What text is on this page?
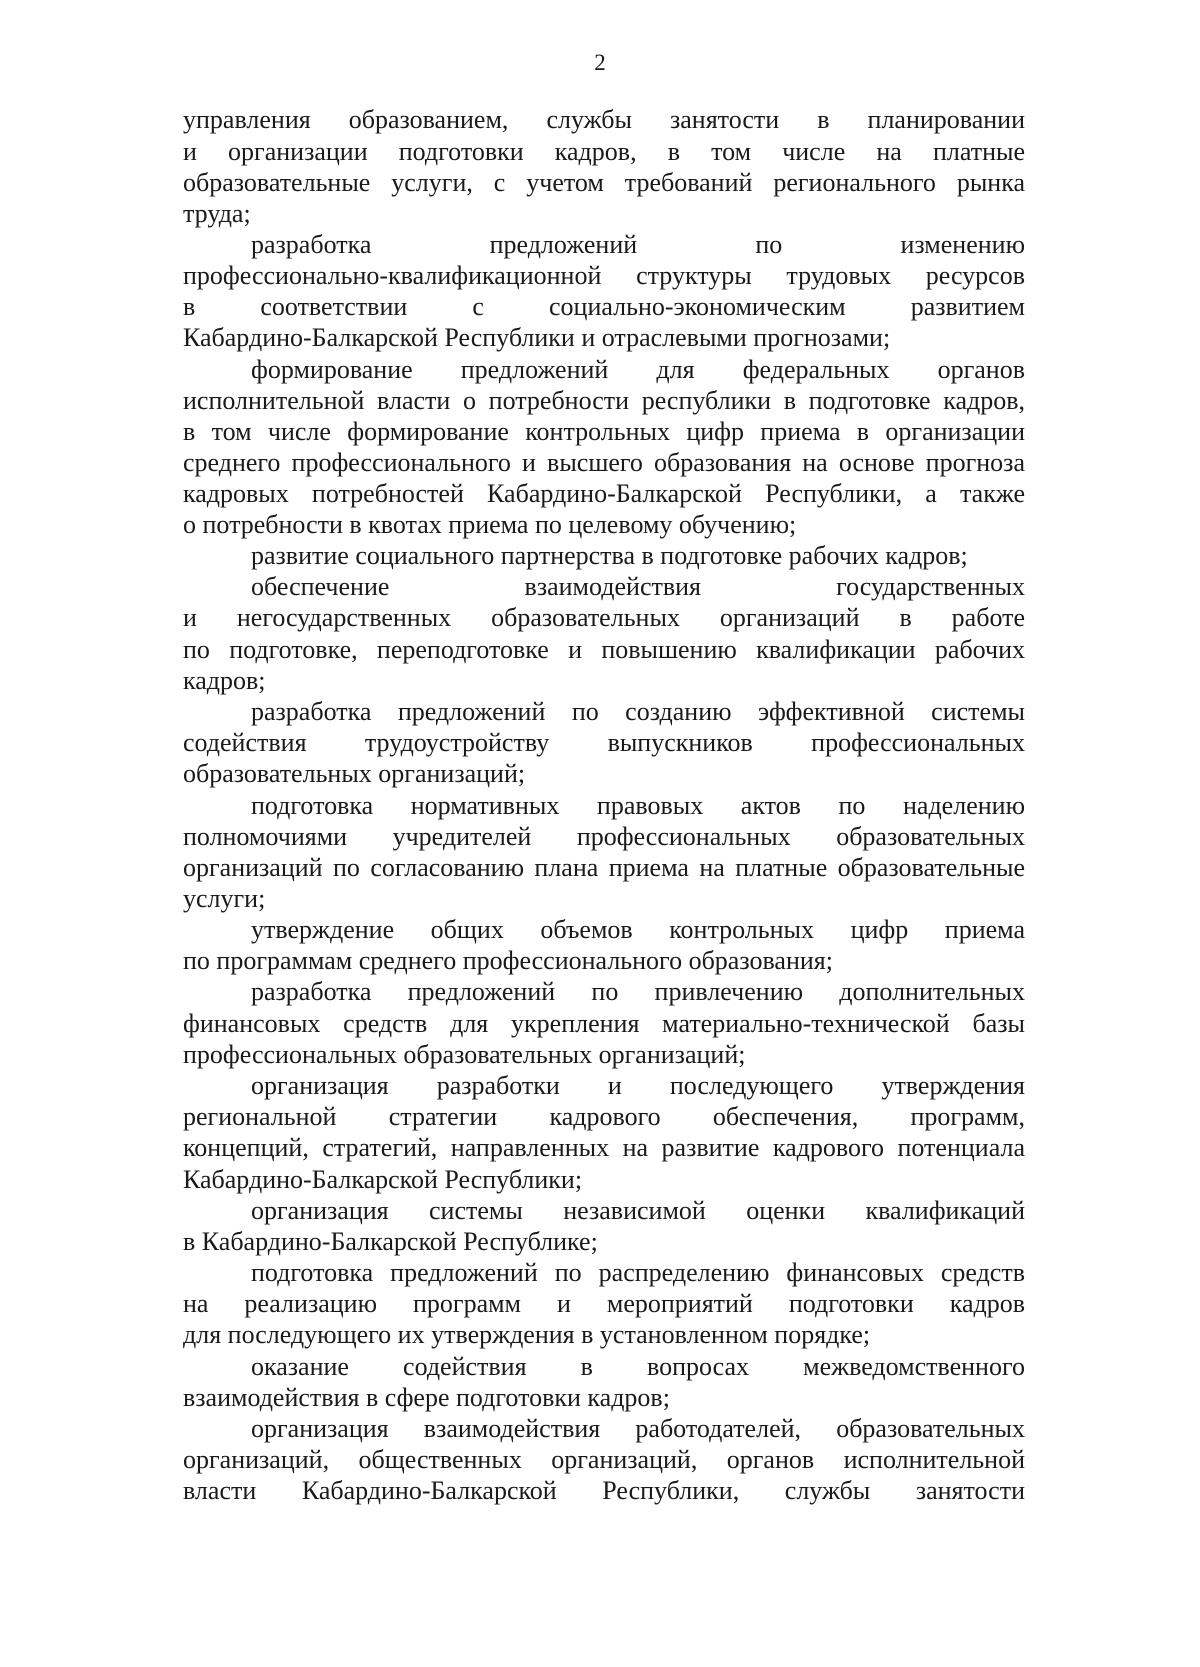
2
управления образованием, службы занятости в планировании
и организации подготовки кадров, в том числе на платные
образовательные услуги, с учетом требований регионального рынка
труда;
разработка предложений по изменению
профессионально-квалификационной структуры трудовых ресурсов
в соответствии с социально-экономическим развитием
Кабардино-Балкарской Республики и отраслевыми прогнозами;
формирование предложений для федеральных органов
исполнительной власти о потребности республики в подготовке кадров,
в том числе формирование контрольных цифр приема в организации
среднего профессионального и высшего образования на основе прогноза
кадровых потребностей Кабардино-Балкарской Республики, а также
о потребности в квотах приема по целевому обучению;
развитие социального партнерства в подготовке рабочих кадров;
обеспечение взаимодействия государственных
и негосударственных образовательных организаций в работе
по подготовке, переподготовке и повышению квалификации рабочих
кадров;
разработка предложений по созданию эффективной системы
содействия трудоустройству выпускников профессиональных
образовательных организаций;
подготовка нормативных правовых актов по наделению
полномочиями учредителей профессиональных образовательных
организаций по согласованию плана приема на платные образовательные
услуги;
утверждение общих объемов контрольных цифр приема
по программам среднего профессионального образования;
разработка предложений по привлечению дополнительных
финансовых средств для укрепления материально-технической базы
профессиональных образовательных организаций;
организация разработки и последующего утверждения
региональной стратегии кадрового обеспечения, программ,
концепций, стратегий, направленных на развитие кадрового потенциала
Кабардино-Балкарской Республики;
организация системы независимой оценки квалификаций
в Кабардино-Балкарской Республике;
подготовка предложений по распределению финансовых средств
на реализацию программ и мероприятий подготовки кадров
для последующего их утверждения в установленном порядке;
оказание содействия в вопросах межведомственного
взаимодействия в сфере подготовки кадров;
организация взаимодействия работодателей, образовательных
организаций, общественных организаций, органов исполнительной
власти Кабардино-Балкарской Республики, службы занятости
